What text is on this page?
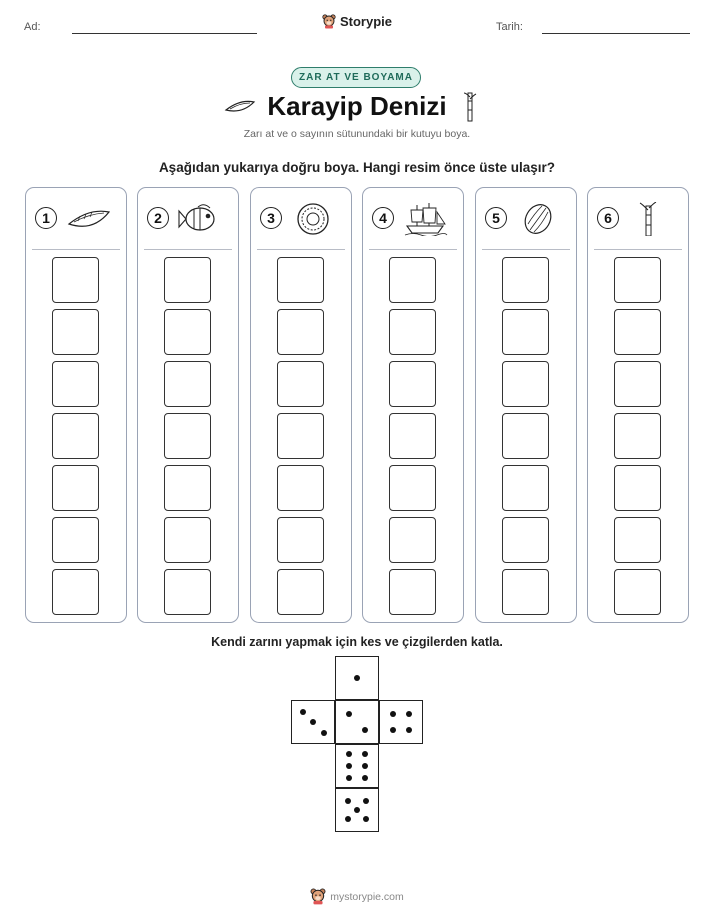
Ad:	Storypie	Tarih:
ZAR AT VE BOYAMA
Karayip Denizi
Zarı at ve o sayının sütunundaki bir kutuyu boya.
Aşağıdan yukarıya doğru boya. Hangi resim önce üste ulaşır?
1	2	3	4	5	6
Kendi zarını yapmak için kes ve çizgilerden katla.
mystorypie.com
